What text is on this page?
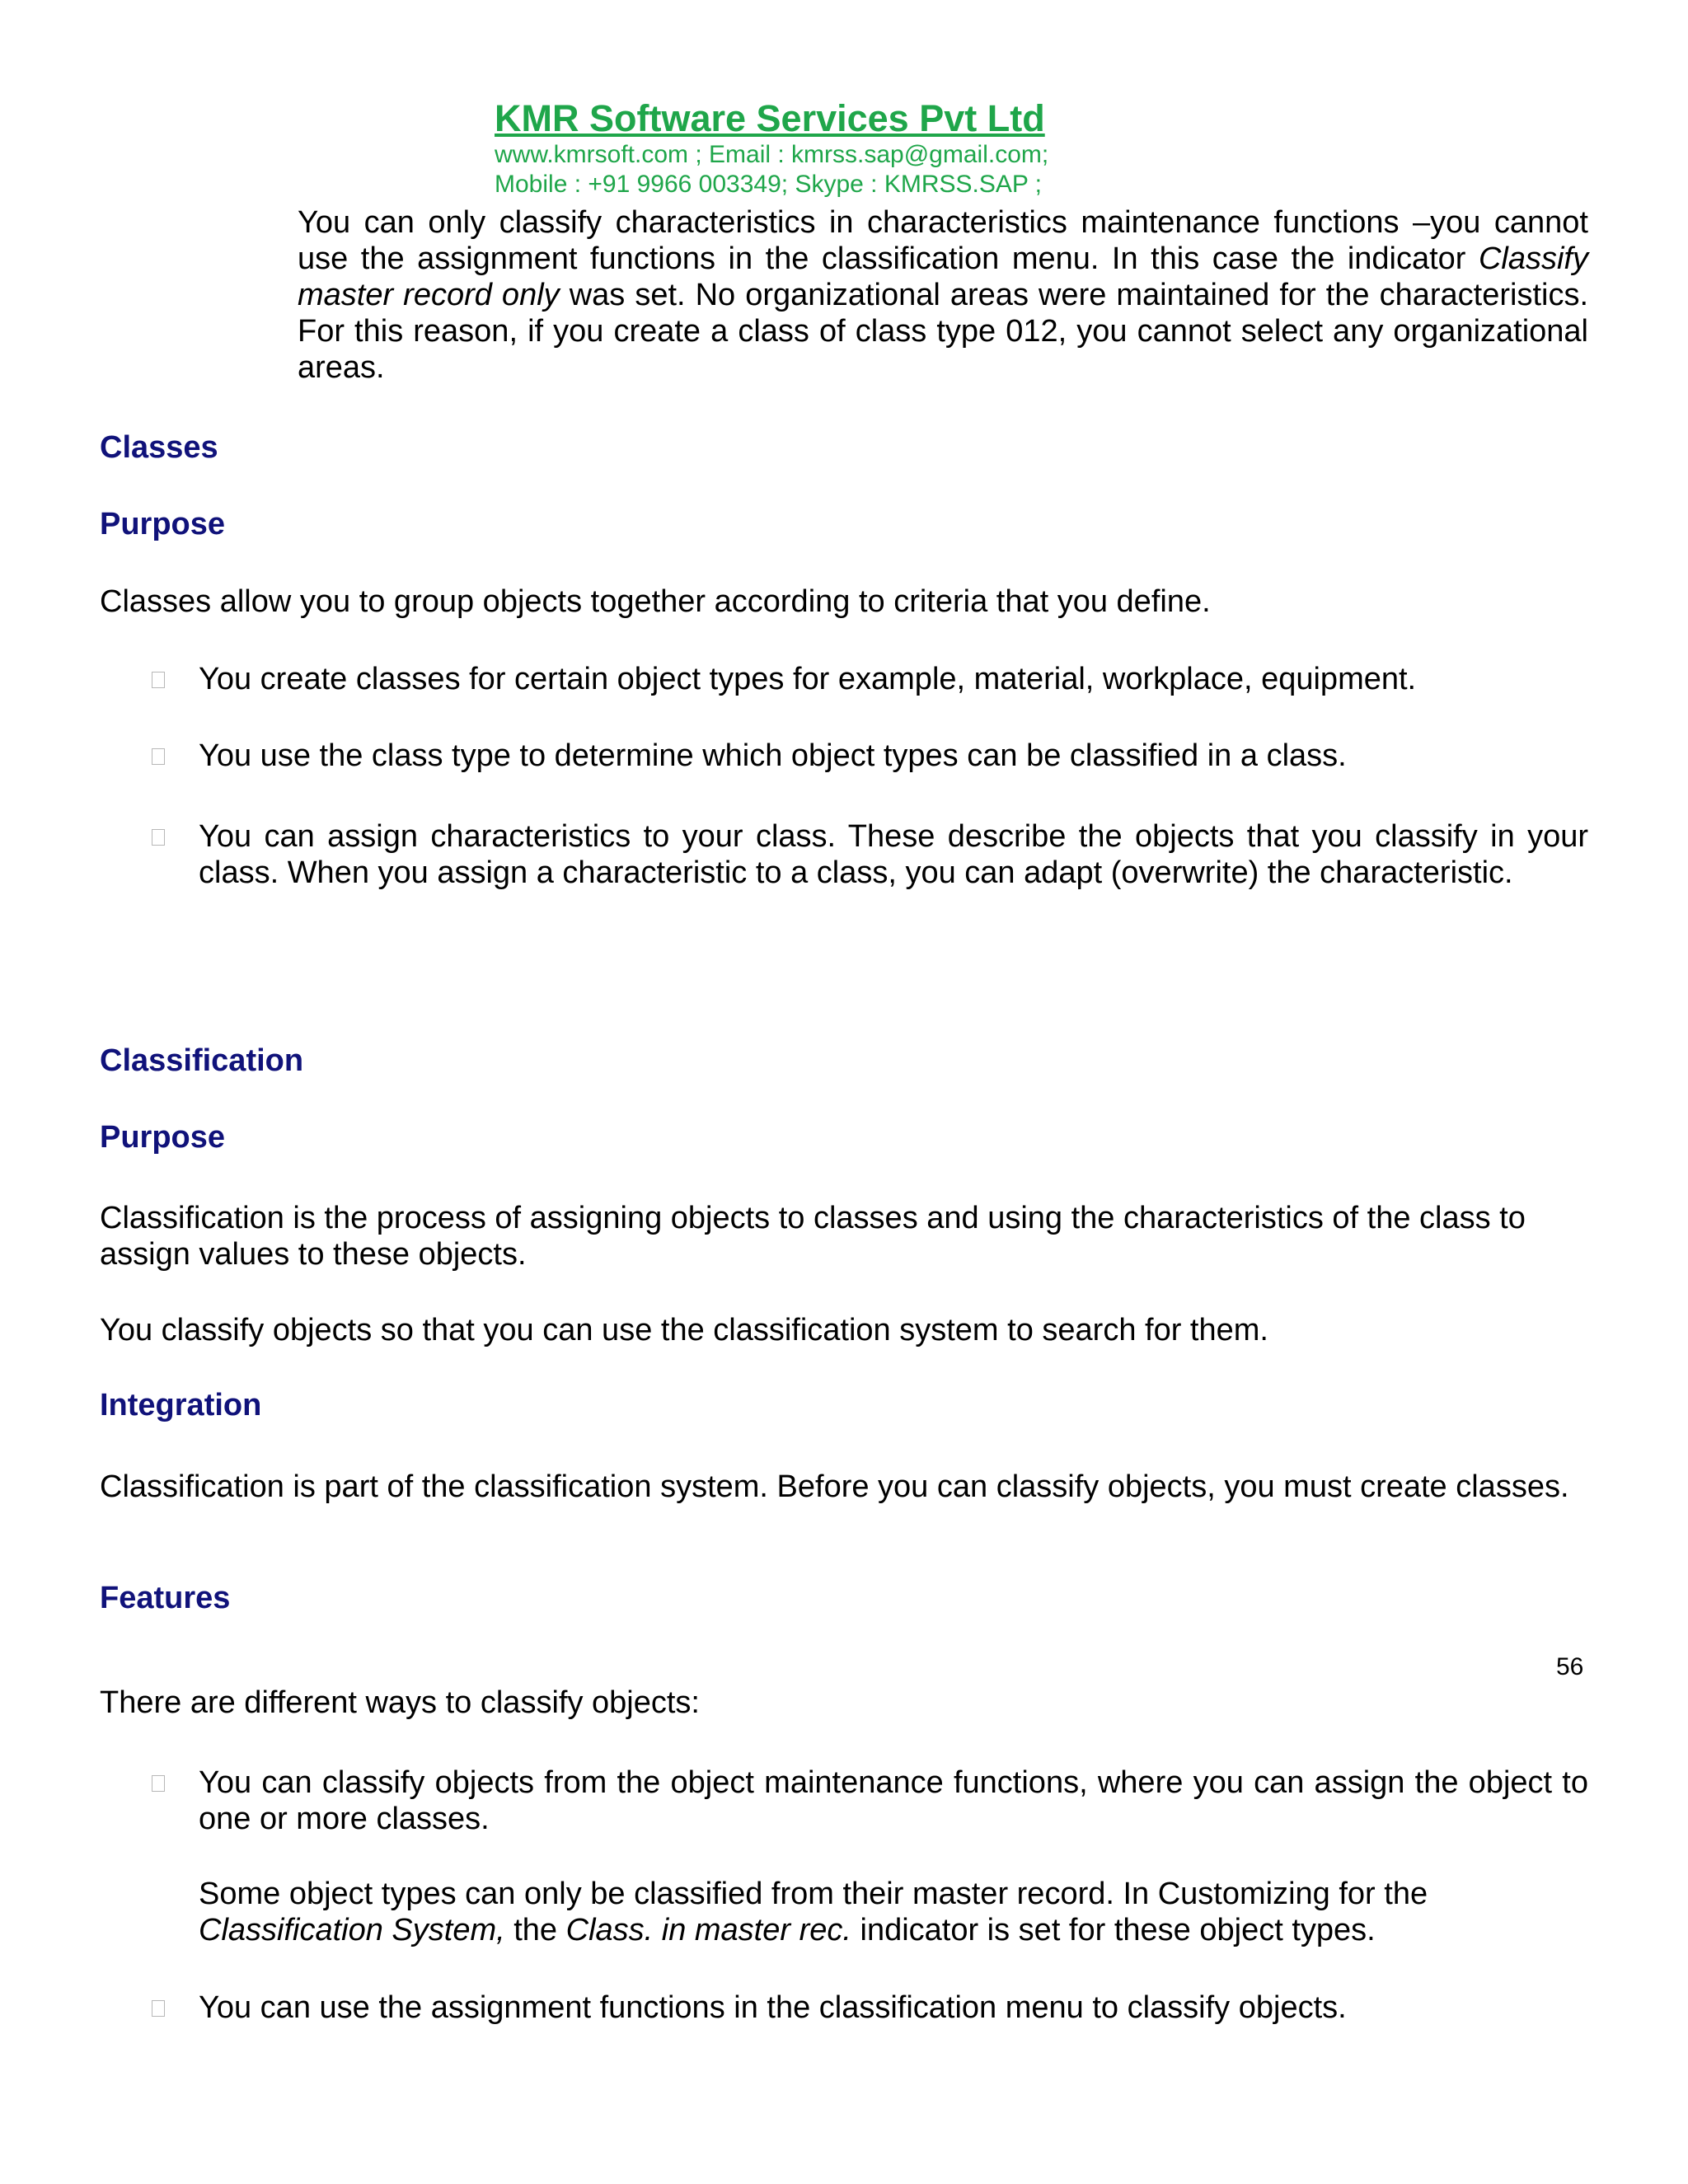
KMR Software Services Pvt Ltd

www.kmrsoft.com ; Email : kmrss.sap@gmail.com;

Mobile : +91 9966 003349; Skype : KMRSS.SAP ;

You can only classify characteristics in characteristics maintenance functions –you cannot use the assignment functions in the classification menu. In this case the indicator Classify master record only was set. No organizational areas were maintained for the characteristics. For this reason, if you create a class of class type 012, you cannot select any organizational areas.

Classes
Purpose

Classes allow you to group objects together according to criteria that you define.

You create classes for certain object types for example, material, workplace, equipment.

You use the class type to determine which object types can be classified in a class.

You can assign characteristics to your class. These describe the objects that you classify in your class. When you assign a characteristic to a class, you can adapt (overwrite) the characteristic.

Classification
Purpose

Classification is the process of assigning objects to classes and using the characteristics of the class to assign values to these objects.

You classify objects so that you can use the classification system to search for them.

Integration

Classification is part of the classification system. Before you can classify objects, you must create classes.

Features
56

There are different ways to classify objects:

You can classify objects from the object maintenance functions, where you can assign the object to one or more classes.

Some object types can only be classified from their master record. In Customizing for the Classification System, the Class. in master rec. indicator is set for these object types.

You can use the assignment functions in the classification menu to classify objects.
